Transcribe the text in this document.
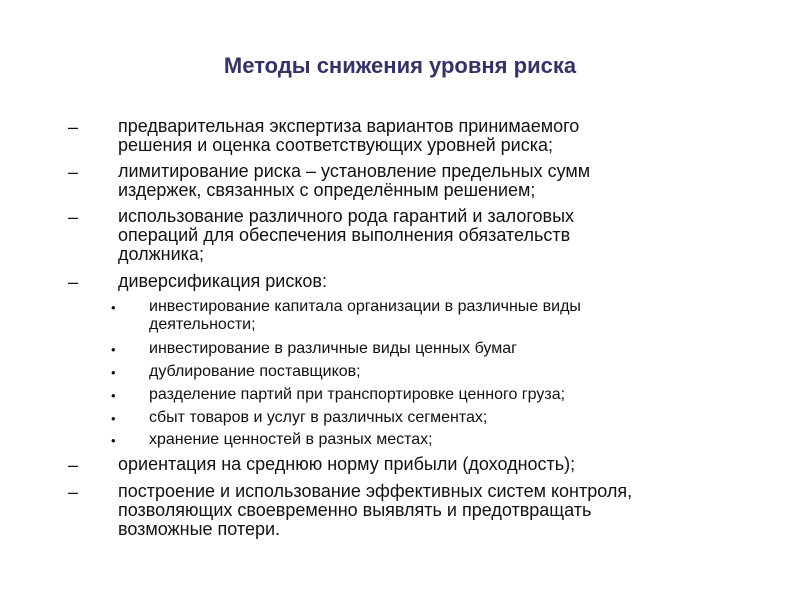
Методы снижения уровня риска
– предварительная экспертиза вариантов принимаемого
решения и оценка соответствующих уровней риска;
– лимитирование риска – установление предельных сумм
издержек, связанных с определённым решением;
– использование различного рода гарантий и залоговых
операций для обеспечения выполнения обязательств
должника;
– диверсификация рисков:
• инвестирование капитала организации в различные виды
деятельности;
• инвестирование в различные виды ценных бумаг
• дублирование поставщиков;
• разделение партий при транспортировке ценного груза;
• сбыт товаров и услуг в различных сегментах;
• хранение ценностей в разных местах;
– ориентация на среднюю норму прибыли (доходность);
– построение и использование эффективных систем контроля,
позволяющих своевременно выявлять и предотвращать
возможные потери.
